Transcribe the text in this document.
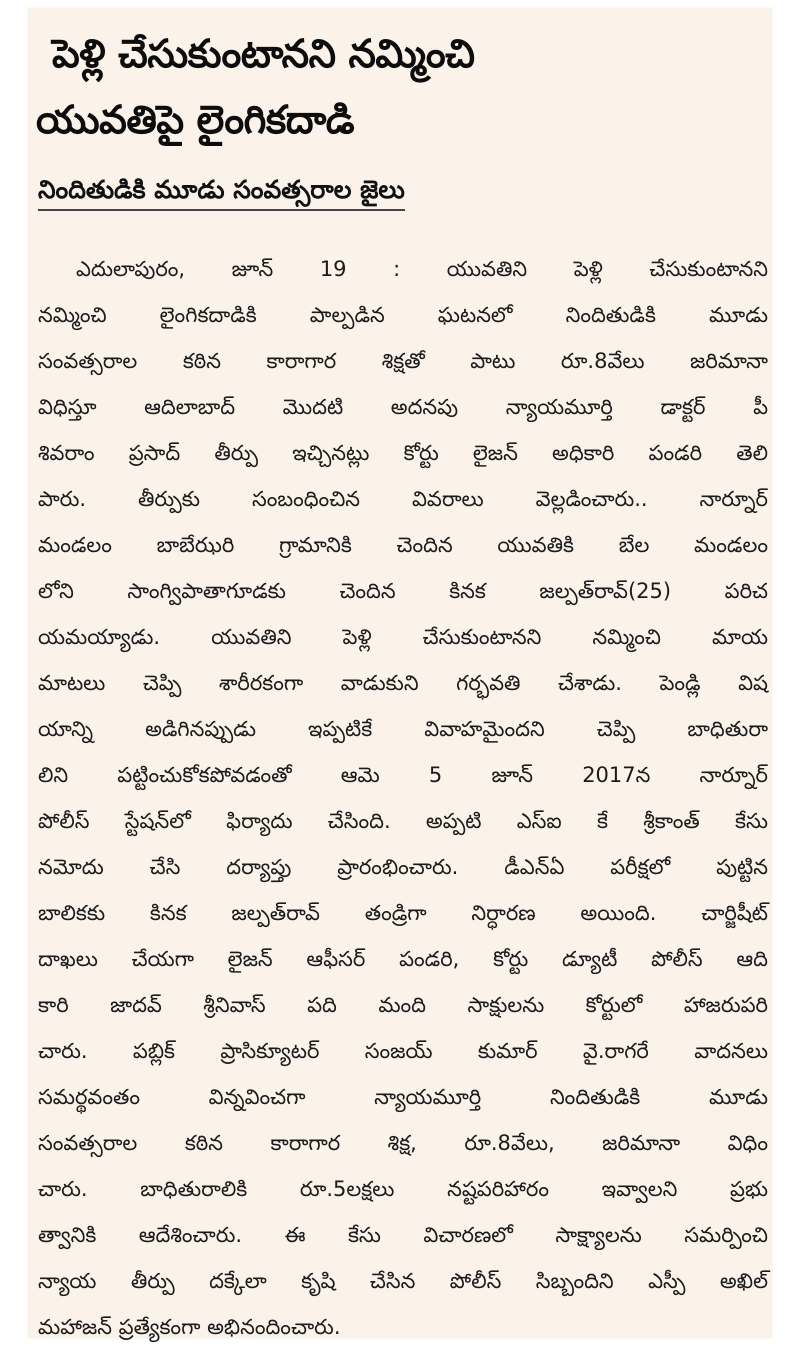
పెళ్లి చేసుకుంటానని నమ్మించి
యువతిపై లైంగికదాడి
నిందితుడికి మూడు సంవత్సరాల జైలు
ఎదులాపురం, జూన్ 19 : యువతిని పెళ్లి చేసుకుంటానని
నమ్మించి లైంగికదాడికి పాల్పడిన ఘటనలో నిందితుడికి మూడు
సంవత్సరాల కఠిన కారాగార శిక్షతో పాటు రూ.8వేలు జరిమానా
విధిస్తూ ఆదిలాబాద్ మొదటి అదనపు న్యాయమూర్తి డాక్టర్ పీ
శివరాం ప్రసాద్ తీర్పు ఇచ్చినట్లు కోర్టు లైజన్ అధికారి పండరి తెలి
పారు. తీర్పుకు సంబంధించిన వివరాలు వెల్లడించారు.. నార్నూర్
మండలం బాబేఝరి గ్రామానికి చెందిన యువతికి బేల మండలం
లోని సాంగ్విపాతాగూడకు చెందిన కినక జల్పత్‌రావ్(25) పరిచ
యమయ్యాడు. యువతిని పెళ్లి చేసుకుంటానని నమ్మించి మాయ
మాటలు చెప్పి శారీరకంగా వాడుకుని గర్భవతి చేశాడు. పెండ్లి విష
యాన్ని అడిగినప్పుడు ఇప్పటికే వివాహమైందని చెప్పి బాధితురా
లిని పట్టించుకోకపోవడంతో ఆమె 5 జూన్ 2017న నార్నూర్
పోలీస్ స్టేషన్‌లో ఫిర్యాదు చేసింది. అప్పటి ఎస్ఐ కే శ్రీకాంత్ కేసు
నమోదు చేసి దర్యాప్తు ప్రారంభించారు. డీఎన్ఏ పరీక్షలో పుట్టిన
బాలికకు కినక జల్పత్‌రావ్ తండ్రిగా నిర్ధారణ అయింది. చార్జిషీట్
దాఖలు చేయగా లైజన్ ఆఫీసర్ పండరి, కోర్టు డ్యూటీ పోలీస్ ఆది
కారి జాదవ్ శ్రీనివాస్ పది మంది సాక్షులను కోర్టులో హాజరుపరి
చారు. పబ్లిక్ ప్రాసిక్యూటర్ సంజయ్ కుమార్ వై.రాగరే వాదనలు
సమర్థవంతం విన్నవించగా న్యాయమూర్తి నిందితుడికి మూడు
సంవత్సరాల కఠిన కారాగార శిక్ష, రూ.8వేలు, జరిమానా విధిం
చారు. బాధితురాలికి రూ.5లక్షలు నష్టపరిహారం ఇవ్వాలని ప్రభు
త్వానికి ఆదేశించారు. ఈ కేసు విచారణలో సాక్ష్యాలను సమర్పించి
న్యాయ తీర్పు దక్కేలా కృషి చేసిన పోలీస్ సిబ్బందిని ఎస్పీ అఖిల్
మహాజన్ ప్రత్యేకంగా అభినందించారు.
